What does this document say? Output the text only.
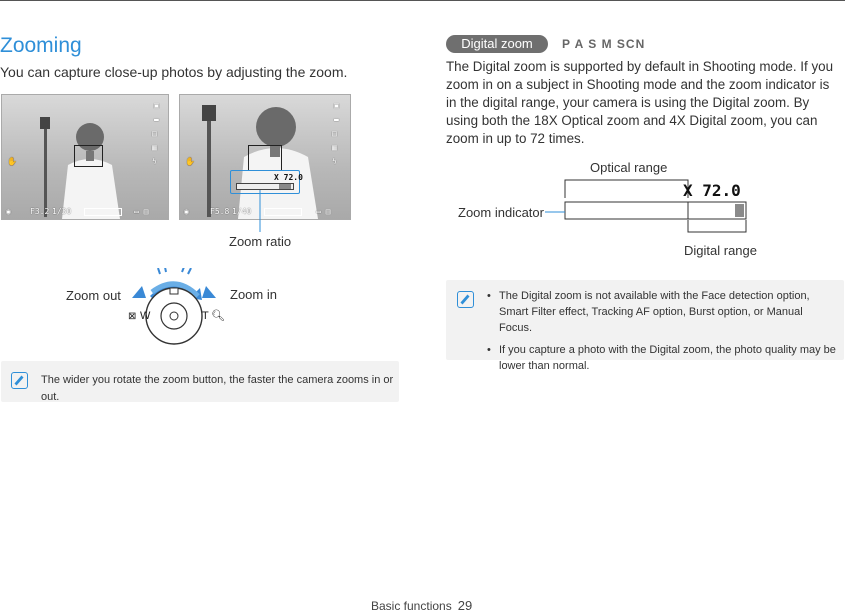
Zooming
You can capture close-up photos by adjusting the zoom.
▣
▬
▤
▦
ϟ
✋
◉ F3.2 1/30	▭ ▥
X 72.0
▣
▬
▤
▦
ϟ
✋
◉	F5.8 1/40	▭ ▥
Zoom ratio
Zoom out	Zoom in
⊠ W	T 🔍︎
The wider you rotate the zoom button, the faster the camera zooms in or out.
Digital zoom	P A S M SCN
The Digital zoom is supported by default in Shooting mode. If you zoom in on a subject in Shooting mode and the zoom indicator is in the digital range, your camera is using the Digital zoom. By using both the 18X Optical zoom and 4X Digital zoom, you can zoom in up to 72 times.
Optical range
X 72.0
Zoom indicator
Digital range
• The Digital zoom is not available with the Face detection option, Smart Filter effect, Tracking AF option, Burst option, or Manual Focus.
• If you capture a photo with the Digital zoom, the photo quality may be lower than normal.
Basic functions 29
